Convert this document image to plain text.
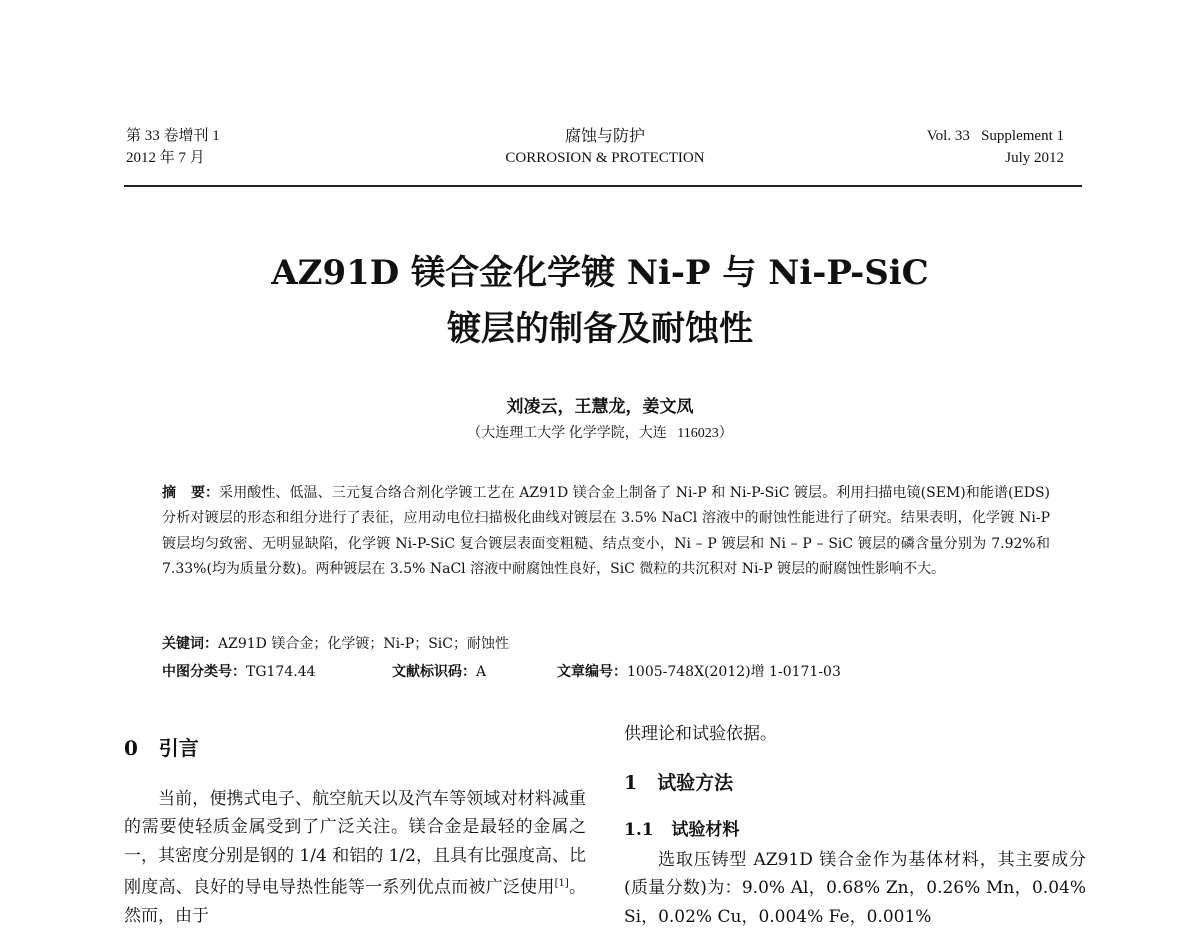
第 33 卷增刊 1
2012 年 7 月
腐蚀与防护
CORROSION & PROTECTION
Vol. 33   Supplement 1
July 2012
AZ91D 镁合金化学镀 Ni-P 与 Ni-P-SiC
镀层的制备及耐蚀性
刘凌云，王慧龙，姜文凤
（大连理工大学 化学学院，大连   116023）
摘   要：采用酸性、低温、三元复合络合剂化学镀工艺在 AZ91D 镁合金上制备了 Ni-P 和 Ni-P-SiC 镀层。利用扫描电镜(SEM)和能谱(EDS)分析对镀层的形态和组分进行了表征，应用动电位扫描极化曲线对镀层在 3.5% NaCl 溶液中的耐蚀性能进行了研究。结果表明，化学镀 Ni-P 镀层均匀致密、无明显缺陷，化学镀 Ni-P-SiC 复合镀层表面变粗糙、结点变小，Ni – P 镀层和 Ni – P – SiC 镀层的磷含量分别为 7.92%和 7.33%(均为质量分数)。两种镀层在 3.5% NaCl 溶液中耐腐蚀性良好，SiC 微粒的共沉积对 Ni-P 镀层的耐腐蚀性影响不大。
关键词：AZ91D 镁合金；化学镀；Ni-P；SiC；耐蚀性
中图分类号：TG174.44	文献标识码：A	文章编号：1005-748X(2012)增 1-0171-03
0   引言
当前，便携式电子、航空航天以及汽车等领域对材料减重的需要使轻质金属受到了广泛关注。镁合金是最轻的金属之一，其密度分别是钢的 1/4 和铝的 1/2，且具有比强度高、比刚度高、良好的导电导热性能等一系列优点而被广泛使用[1]。然而，由于
供理论和试验依据。
1   试验方法
1.1   试验材料
选取压铸型 AZ91D 镁合金作为基体材料，其主要成分(质量分数)为：9.0% Al，0.68% Zn，0.26% Mn，0.04% Si，0.02% Cu，0.004% Fe，0.001%
